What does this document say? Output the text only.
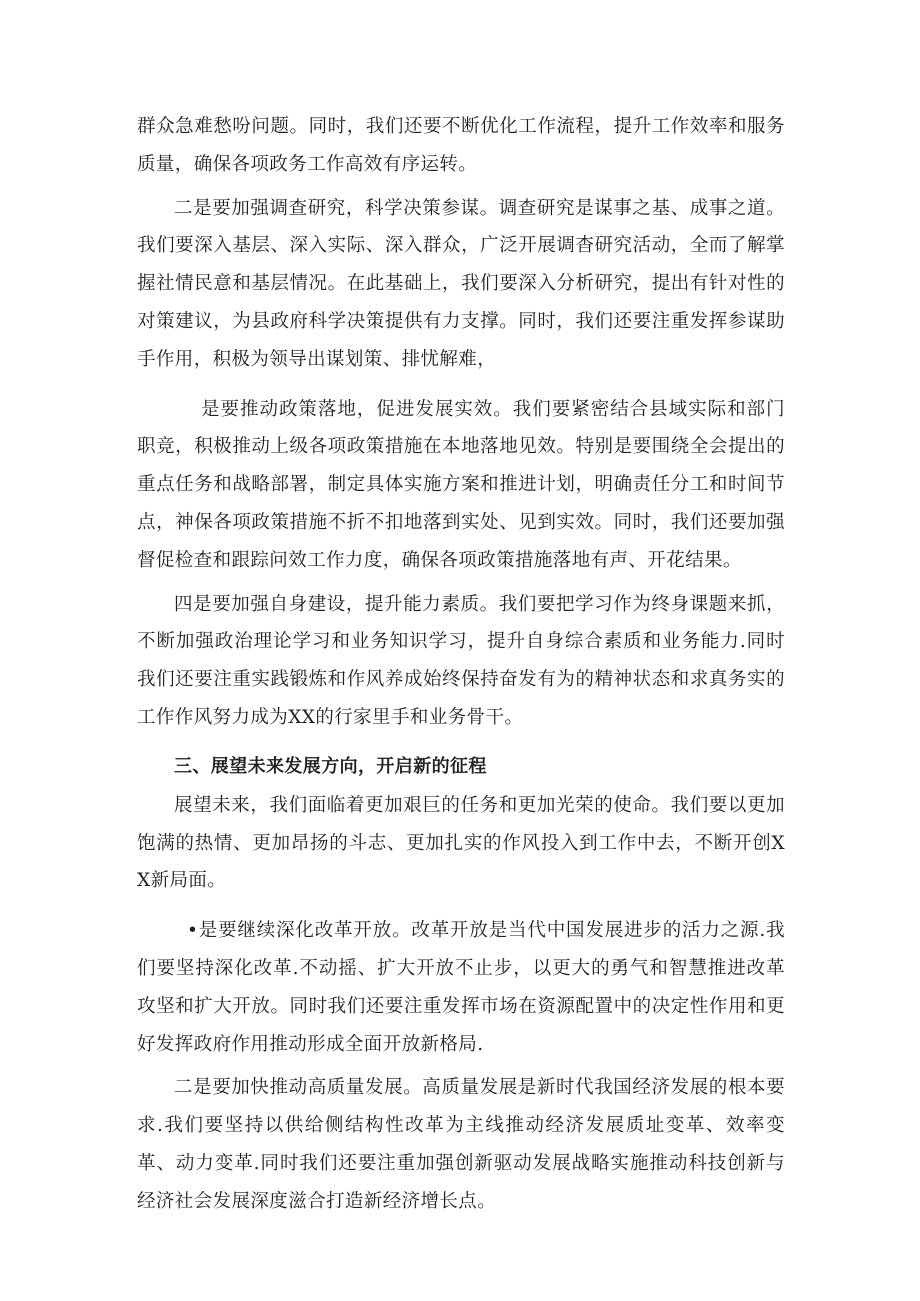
群众急难愁吩问题。同时，我们还要不断优化工作流程，提升工作效率和服务质量，确保各项政务工作高效有序运转。

二是要加强调查研究，科学决策参谋。调查研究是谋事之基、成事之道。我们要深入基层、深入实际、深入群众，广泛开展调杳研究活动，全而了解掌握社情民意和基层情况。在此基础上，我们要深入分析研究，提出有针对性的对策建议，为县政府科学决策提供有力支撑。同时，我们还要注重发挥参谋助手作用，积极为领导出谋划策、排忧解难，

是要推动政策落地，促进发展实效。我们要紧密结合县域实际和部门职竞，积极推动上级各项政策措施在本地落地见效。特别是要围绕全会提出的重点任务和战略部署，制定具体实施方案和推进计划，明确责任分工和时间节点，神保各项政策措施不折不扣地落到实处、见到实效。同时，我们还要加强督促检查和跟踪问效工作力度，确保各项政策措施落地有声、开花结果。

四是要加强自身建设，提升能力素质。我们要把学习作为终身课题来抓，不断加强政治理论学习和业务知识学习，提升自身综合素质和业务能力.同时我们还要注重实践锻炼和作风养成始终保持奋发有为的精神状态和求真务实的工作作风努力成为XX的行家里手和业务骨干。

三、展望未来发展方向，开启新的征程

展望未来，我们面临着更加艰巨的任务和更加光荣的使命。我们要以更加饱满的热情、更加昂扬的斗志、更加扎实的作风投入到工作中去，不断开创XX新局面。

•是要继续深化改革开放。改革开放是当代中国发展进步的活力之源.我们要坚持深化改革.不动摇、扩大开放不止步，以更大的勇气和智慧推进改革攻坚和扩大开放。同时我们还要注重发挥市场在资源配置中的决定性作用和更好发挥政府作用推动形成全面开放新格局.

二是要加快推动高质量发展。高质量发展是新时代我国经济发展的根本要求.我们要坚持以供给侧结构性改革为主线推动经济发展质址变革、效率变革、动力变革.同时我们还要注重加强创新驱动发展战略实施推动科技创新与经济社会发展深度滋合打造新经济增长点。
